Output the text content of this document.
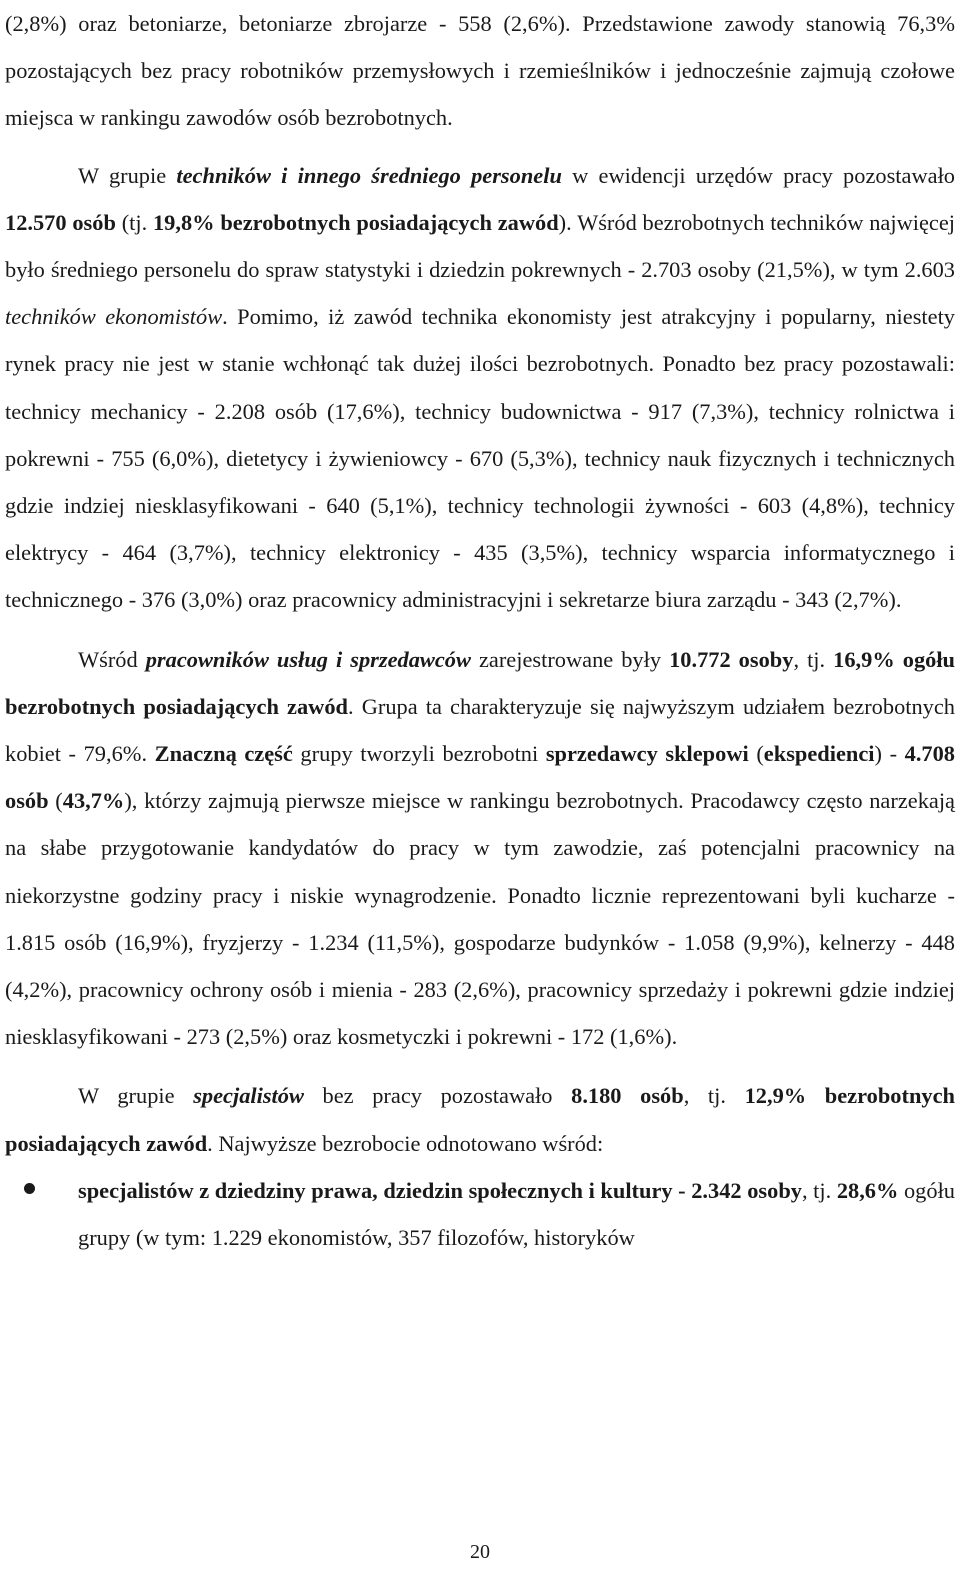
(2,8%) oraz betoniarze, betoniarze zbrojarze - 558 (2,6%). Przedstawione zawody stanowią 76,3% pozostających bez pracy robotników przemysłowych i rzemieślników i jednocześnie zajmują czołowe miejsca w rankingu zawodów osób bezrobotnych.

W grupie techników i innego średniego personelu w ewidencji urzędów pracy pozostawało 12.570 osób (tj. 19,8% bezrobotnych posiadających zawód). Wśród bezrobotnych techników najwięcej było średniego personelu do spraw statystyki i dziedzin pokrewnych - 2.703 osoby (21,5%), w tym 2.603 techników ekonomistów. Pomimo, iż zawód technika ekonomisty jest atrakcyjny i popularny, niestety rynek pracy nie jest w stanie wchłonąć tak dużej ilości bezrobotnych. Ponadto bez pracy pozostawali: technicy mechanicy - 2.208 osób (17,6%), technicy budownictwa - 917 (7,3%), technicy rolnictwa i pokrewni - 755 (6,0%), dietetycy i żywieniowcy - 670 (5,3%), technicy nauk fizycznych i technicznych gdzie indziej niesklasyfikowani - 640 (5,1%), technicy technologii żywności - 603 (4,8%), technicy elektrycy - 464 (3,7%), technicy elektronicy - 435 (3,5%), technicy wsparcia informatycznego i technicznego - 376 (3,0%) oraz pracownicy administracyjni i sekretarze biura zarządu - 343 (2,7%).

Wśród pracowników usług i sprzedawców zarejestrowane były 10.772 osoby, tj. 16,9% ogółu bezrobotnych posiadających zawód. Grupa ta charakteryzuje się najwyższym udziałem bezrobotnych kobiet - 79,6%. Znaczną część grupy tworzyli bezrobotni sprzedawcy sklepowi (ekspedienci) - 4.708 osób (43,7%), którzy zajmują pierwsze miejsce w rankingu bezrobotnych. Pracodawcy często narzekają na słabe przygotowanie kandydatów do pracy w tym zawodzie, zaś potencjalni pracownicy na niekorzystne godziny pracy i niskie wynagrodzenie. Ponadto licznie reprezentowani byli kucharze - 1.815 osób (16,9%), fryzjerzy - 1.234 (11,5%), gospodarze budynków - 1.058 (9,9%), kelnerzy - 448 (4,2%), pracownicy ochrony osób i mienia - 283 (2,6%), pracownicy sprzedaży i pokrewni gdzie indziej niesklasyfikowani - 273 (2,5%) oraz kosmetyczki i pokrewni - 172 (1,6%).

W grupie specjalistów bez pracy pozostawało 8.180 osób, tj. 12,9% bezrobotnych posiadających zawód. Najwyższe bezrobocie odnotowano wśród:

specjalistów z dziedziny prawa, dziedzin społecznych i kultury - 2.342 osoby, tj. 28,6% ogółu grupy (w tym: 1.229 ekonomistów, 357 filozofów, historyków
20
